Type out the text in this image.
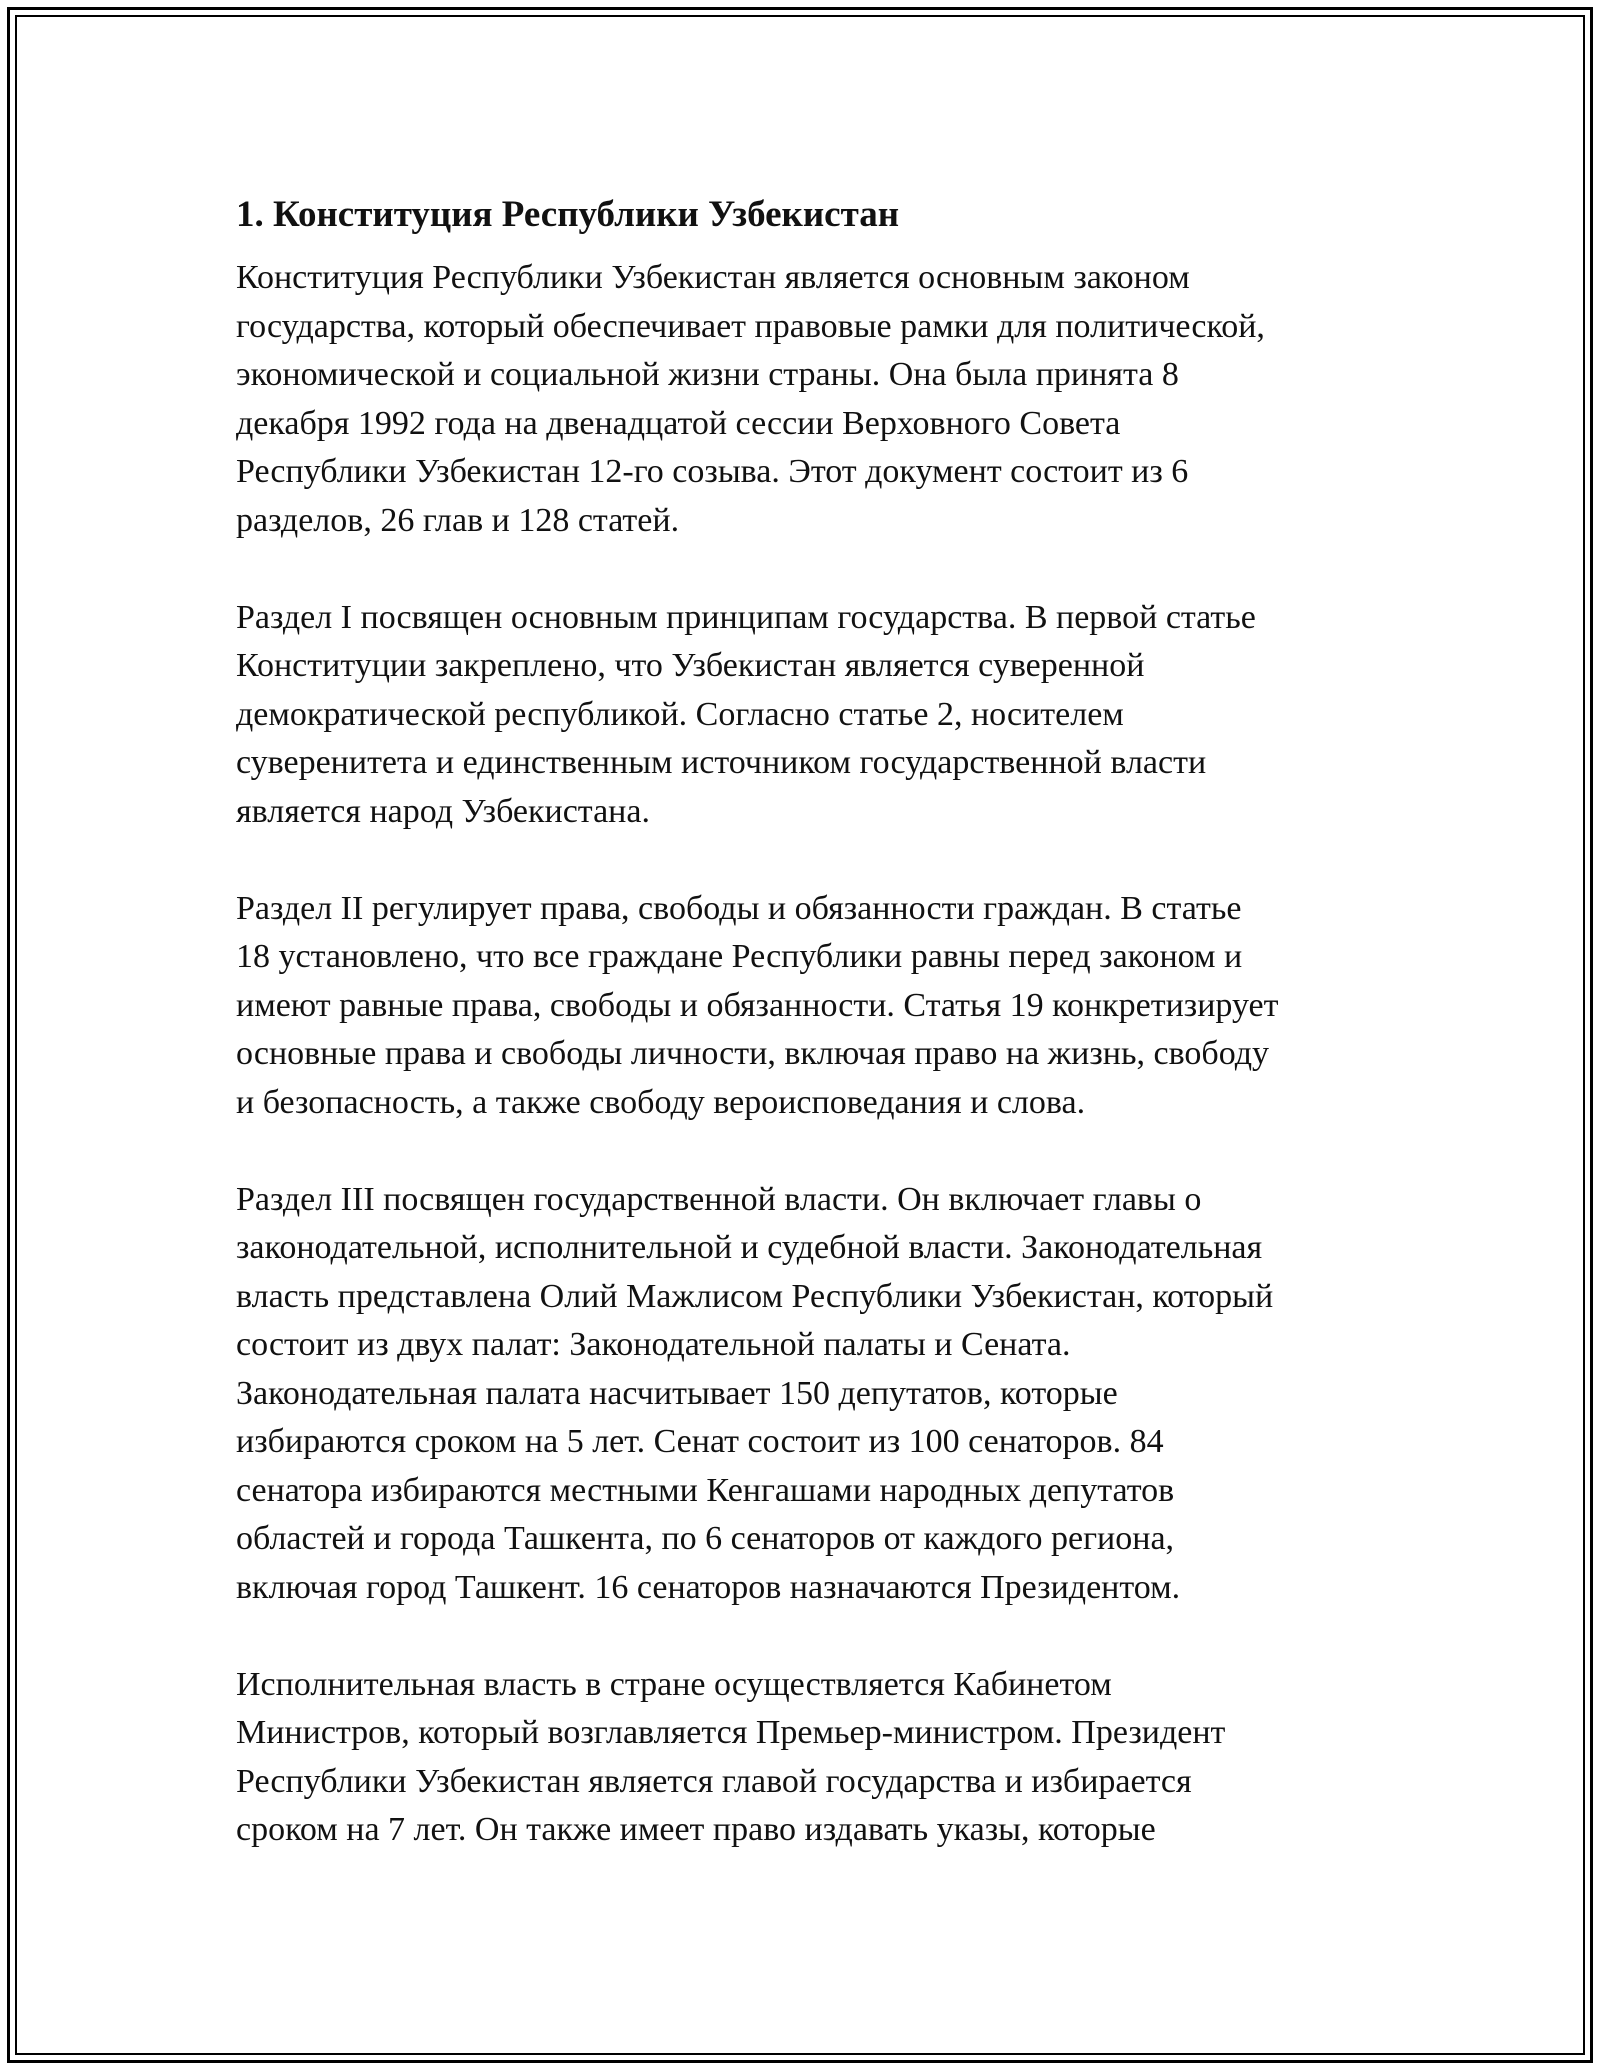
1. Конституция Республики Узбекистан
Конституция Республики Узбекистан является основным законом
государства, который обеспечивает правовые рамки для политической,
экономической и социальной жизни страны. Она была принята 8
декабря 1992 года на двенадцатой сессии Верховного Совета
Республики Узбекистан 12-го созыва. Этот документ состоит из 6
разделов, 26 глав и 128 статей.
Раздел I посвящен основным принципам государства. В первой статье
Конституции закреплено, что Узбекистан является суверенной
демократической республикой. Согласно статье 2, носителем
суверенитета и единственным источником государственной власти
является народ Узбекистана.
Раздел II регулирует права, свободы и обязанности граждан. В статье
18 установлено, что все граждане Республики равны перед законом и
имеют равные права, свободы и обязанности. Статья 19 конкретизирует
основные права и свободы личности, включая право на жизнь, свободу
и безопасность, а также свободу вероисповедания и слова.
Раздел III посвящен государственной власти. Он включает главы о
законодательной, исполнительной и судебной власти. Законодательная
власть представлена Олий Мажлисом Республики Узбекистан, который
состоит из двух палат: Законодательной палаты и Сената.
Законодательная палата насчитывает 150 депутатов, которые
избираются сроком на 5 лет. Сенат состоит из 100 сенаторов. 84
сенатора избираются местными Кенгашами народных депутатов
областей и города Ташкента, по 6 сенаторов от каждого региона,
включая город Ташкент. 16 сенаторов назначаются Президентом.
Исполнительная власть в стране осуществляется Кабинетом
Министров, который возглавляется Премьер-министром. Президент
Республики Узбекистан является главой государства и избирается
сроком на 7 лет. Он также имеет право издавать указы, которые
